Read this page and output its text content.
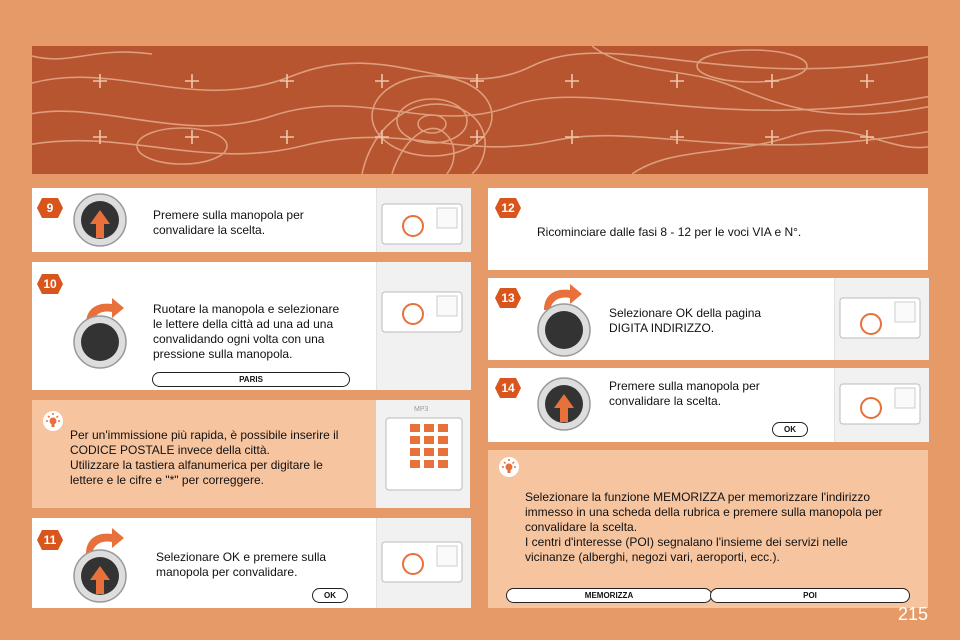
9	Premere sulla manopola per
convalidare la scelta.
10
Ruotare la manopola e selezionare
le lettere della città ad una ad una
convalidando ogni volta con una
pressione sulla manopola.
PARIS
Per un'immissione più rapida, è possibile inserire il
CODICE POSTALE invece della città.
Utilizzare la tastiera alfanumerica per digitare le
lettere e le cifre e "*" per correggere.
MP3
11
Selezionare OK e premere sulla
manopola per convalidare.
OK
12
Ricominciare dalle fasi 8 - 12 per le voci VIA e N°.
13
Selezionare OK della pagina
DIGITA INDIRIZZO.
14	Premere sulla manopola per
convalidare la scelta.
OK
Selezionare la funzione MEMORIZZA per memorizzare l'indirizzo
immesso in una scheda della rubrica e premere sulla manopola per
convalidare la scelta.
I centri d'interesse (POI) segnalano l'insieme dei servizi nelle
vicinanze (alberghi, negozi vari, aeroporti, ecc.).
MEMORIZZA	POI
215
